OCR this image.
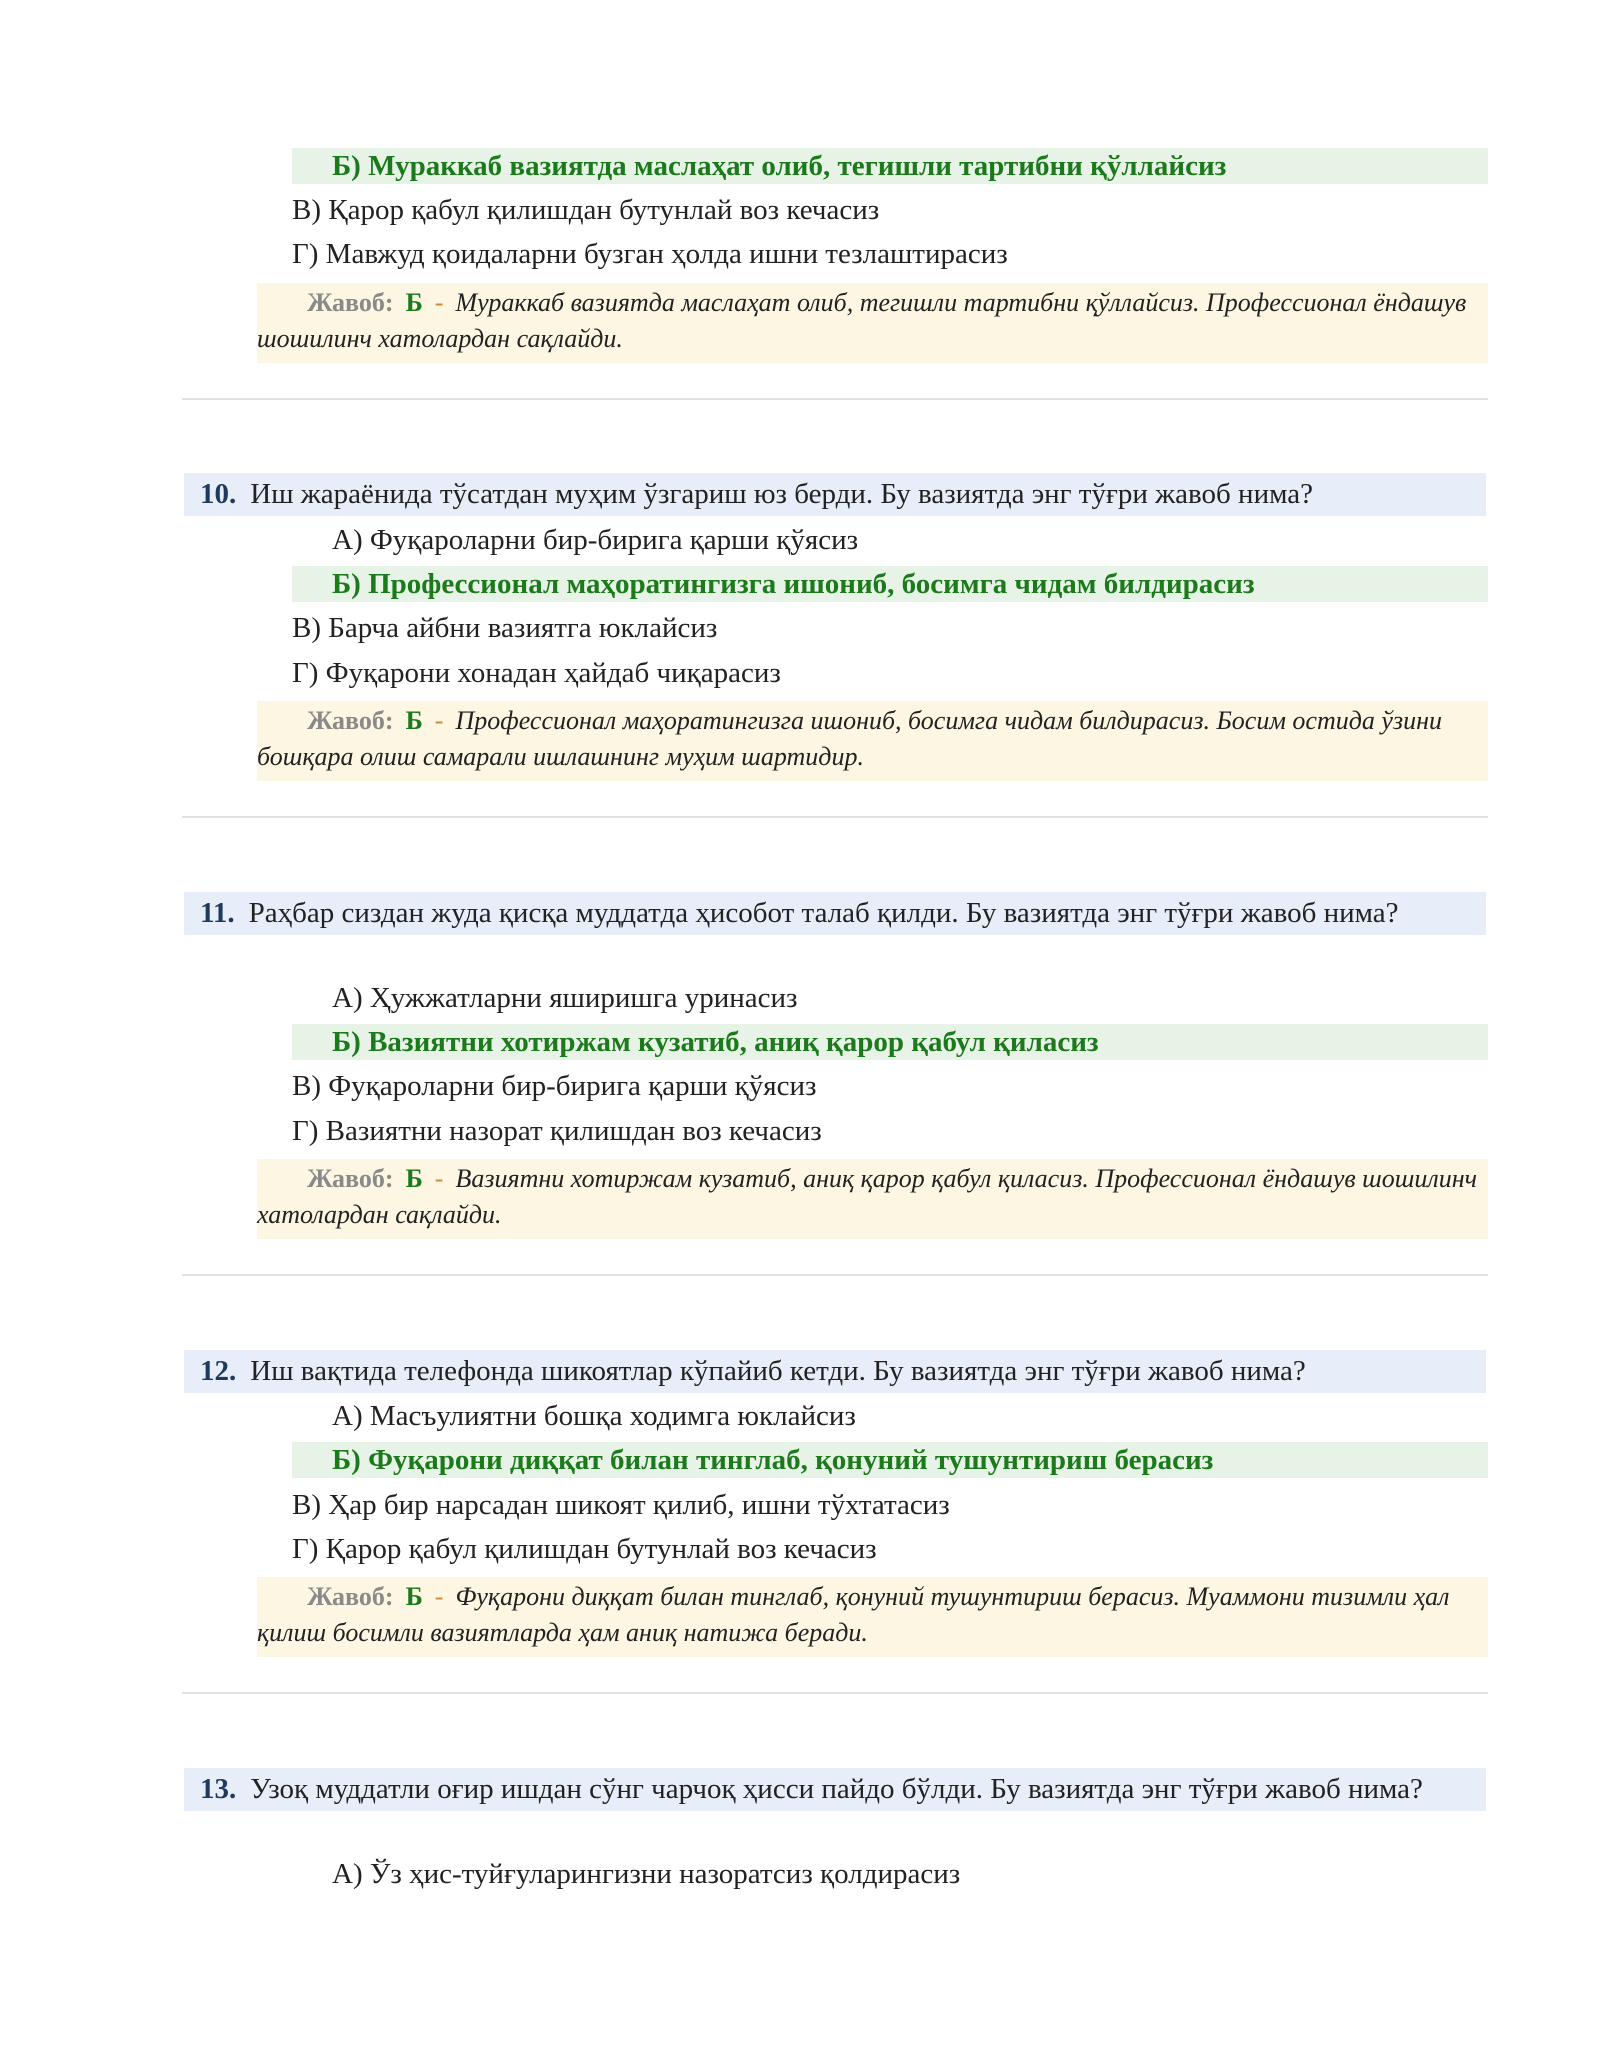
Б) Мураккаб вазиятда маслаҳат олиб, тегишли тартибни қўллайсиз
В) Қарор қабул қилишдан бутунлай воз кечасиз
Г) Мавжуд қоидаларни бузган ҳолда ишни тезлаштирасиз
Жавоб: Б - Мураккаб вазиятда маслаҳат олиб, тегишли тартибни қўллайсиз. Профессионал ёндашув шошилинч хатолардан сақлайди.
10. Иш жараёнида тўсатдан муҳим ўзгариш юз берди. Бу вазиятда энг тўғри жавоб нима?
А) Фуқароларни бир-бирига қарши қўясиз
Б) Профессионал маҳоратингизга ишониб, босимга чидам билдирасиз
В) Барча айбни вазиятга юклайсиз
Г) Фуқарони хонадан ҳайдаб чиқарасиз
Жавоб: Б - Профессионал маҳоратингизга ишониб, босимга чидам билдирасиз. Босим остида ўзини бошқара олиш самарали ишлашнинг муҳим шартидир.
11. Раҳбар сиздан жуда қисқа муддатда ҳисобот талаб қилди. Бу вазиятда энг тўғри жавоб нима?
А) Ҳужжатларни яширишга уринасиз
Б) Вазиятни хотиржам кузатиб, аниқ қарор қабул қиласиз
В) Фуқароларни бир-бирига қарши қўясиз
Г) Вазиятни назорат қилишдан воз кечасиз
Жавоб: Б - Вазиятни хотиржам кузатиб, аниқ қарор қабул қиласиз. Профессионал ёндашув шошилинч хатолардан сақлайди.
12. Иш вақтида телефонда шикоятлар кўпайиб кетди. Бу вазиятда энг тўғри жавоб нима?
А) Масъулиятни бошқа ходимга юклайсиз
Б) Фуқарони диққат билан тинглаб, қонуний тушунтириш берасиз
В) Ҳар бир нарсадан шикоят қилиб, ишни тўхтатасиз
Г) Қарор қабул қилишдан бутунлай воз кечасиз
Жавоб: Б - Фуқарони диққат билан тинглаб, қонуний тушунтириш берасиз. Муаммони тизимли ҳал қилиш босимли вазиятларда ҳам аниқ натижа беради.
13. Узоқ муддатли оғир ишдан сўнг чарчоқ ҳисси пайдо бўлди. Бу вазиятда энг тўғри жавоб нима?
А) Ўз ҳис-туйғуларингизни назоратсиз қолдирасиз
